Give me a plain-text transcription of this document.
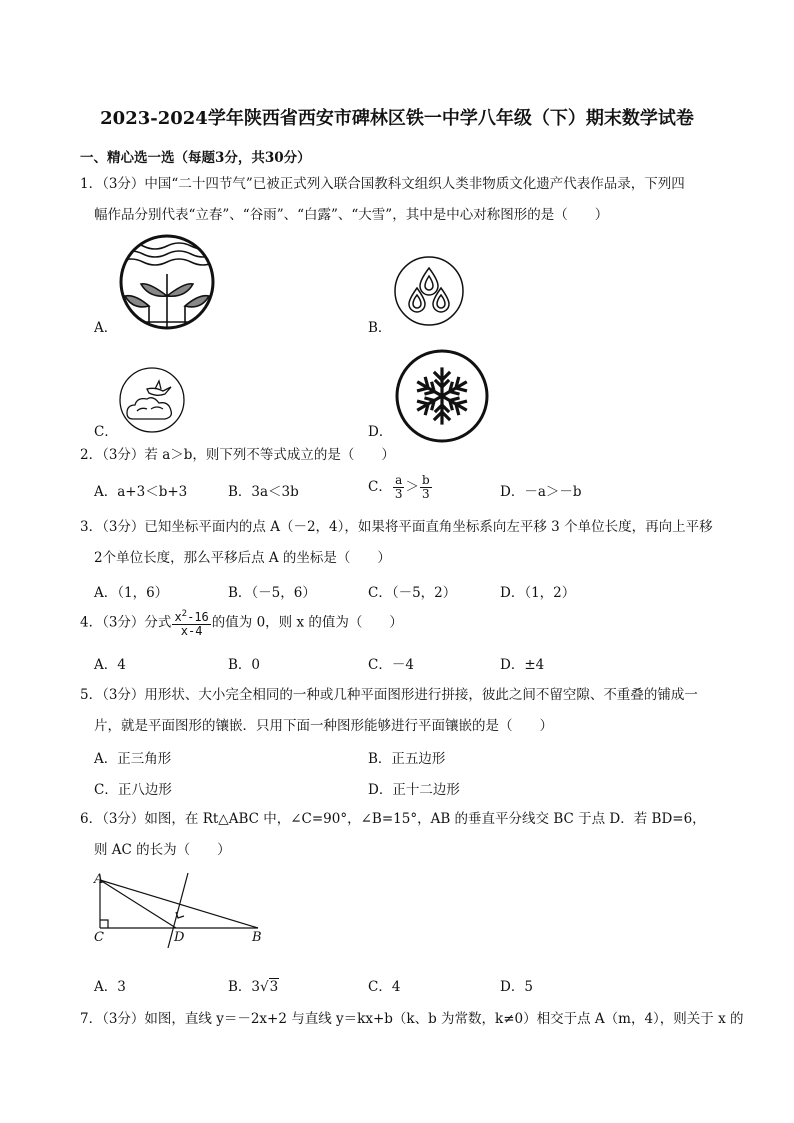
2023-2024学年陕西省西安市碑林区铁一中学八年级（下）期末数学试卷
一、精心选一选（每题3分，共30分）
1．（3分）中国“二十四节气”已被正式列入联合国教科文组织人类非物质文化遗产代表作品录，下列四
幅作品分别代表“立春”、“谷雨”、“白露”、“大雪”，其中是中心对称图形的是（　　）
A．	B．
C．	D．
2．（3分）若 a＞b，则下列不等式成立的是（　　）
A．a+3＜b+3	B．3a＜3b	C． $\frac{a}{3} > \frac{b}{3}$	D．－a＞－b
3．（3分）已知坐标平面内的点 A（－2，4），如果将平面直角坐标系向左平移 3 个单位长度，再向上平移
2个单位长度，那么平移后点 A 的坐标是（　　）
A．（1，6）	B．（－5，6）	C．（－5，2）	D．（1，2）
4．（3分）分式 $\frac{x^2-16}{x-4}$ 的值为 0，则 x 的值为（　　）
A．4	B．0	C．－4	D．±4
5．（3分）用形状、大小完全相同的一种或几种平面图形进行拼接，彼此之间不留空隙、不重叠的铺成一
片，就是平面图形的镶嵌．只用下面一种图形能够进行平面镶嵌的是（　　）
A．正三角形	B．正五边形
C．正八边形	D．正十二边形
6．（3分）如图，在 Rt△ABC 中，∠C=90°，∠B=15°，AB 的垂直平分线交 BC 于点 D．若 BD=6，
则 AC 的长为（　　）
A
C	D	B
A．3	B．3√3	C．4	D．5
7．（3分）如图，直线 y＝－2x+2 与直线 y＝kx+b（k、b 为常数，k≠0）相交于点 A（m，4），则关于 x 的
